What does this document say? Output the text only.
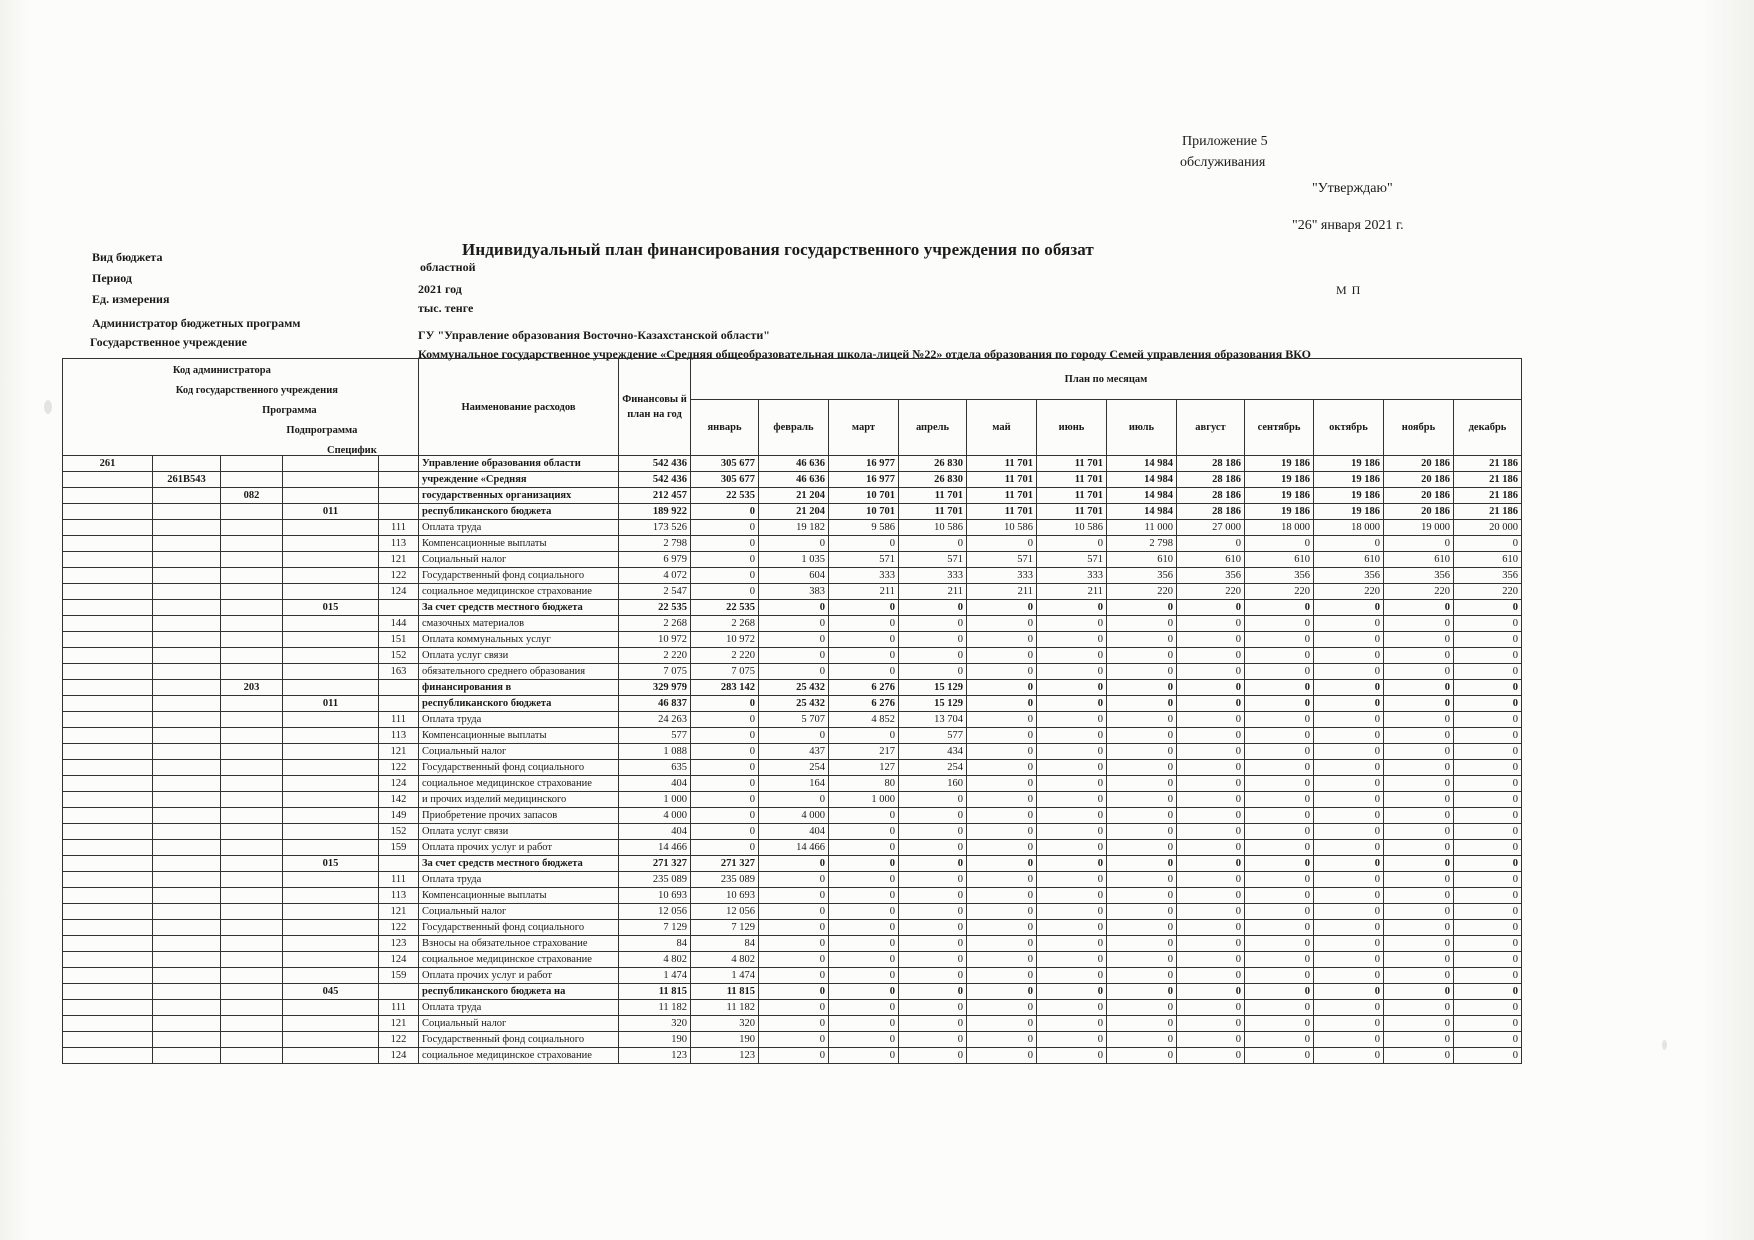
Приложение 5
обслуживания
"Утверждаю"
"26" января 2021 г.
М П
Индивидуальный план финансирования государственного учреждения по обязат
Вид бюджета
Период
Ед. измерения
Администратор бюджетных программ
Государственное учреждение
областной
2021 год
тыс. тенге
ГУ "Управление образования Восточно-Казахстанской области"
Коммунальное государственное учреждение «Средняя общеобразовательная школа-лицей №22» отдела образования по городу Семей управления образования ВКО
Код администратора
Код государственного учреждения
Программа
Подпрограмма
Специфик					Наименование расходов	Финансовы й план на год	План по месяцам											
							январь	февраль	март	апрель	май	июнь	июль	август	сентябрь	октябрь	ноябрь	декабрь
261					Управление образования области	542 436	305 677	46 636	16 977	26 830	11 701	11 701	14 984	28 186	19 186	19 186	20 186	21 186
	261B543				учреждение «Средняя	542 436	305 677	46 636	16 977	26 830	11 701	11 701	14 984	28 186	19 186	19 186	20 186	21 186
		082			государственных организациях	212 457	22 535	21 204	10 701	11 701	11 701	11 701	14 984	28 186	19 186	19 186	20 186	21 186
			011		республиканского бюджета	189 922	0	21 204	10 701	11 701	11 701	11 701	14 984	28 186	19 186	19 186	20 186	21 186
				111	Оплата труда	173 526	0	19 182	9 586	10 586	10 586	10 586	11 000	27 000	18 000	18 000	19 000	20 000
				113	Компенсационные выплаты	2 798	0	0	0	0	0	0	2 798	0	0	0	0	0
				121	Социальный налог	6 979	0	1 035	571	571	571	571	610	610	610	610	610	610
				122	Государственный фонд социального	4 072	0	604	333	333	333	333	356	356	356	356	356	356
				124	социальное медицинское страхование	2 547	0	383	211	211	211	211	220	220	220	220	220	220
			015		За счет средств местного бюджета	22 535	22 535	0	0	0	0	0	0	0	0	0	0	0
				144	смазочных материалов	2 268	2 268	0	0	0	0	0	0	0	0	0	0	0
				151	Оплата коммунальных услуг	10 972	10 972	0	0	0	0	0	0	0	0	0	0	0
				152	Оплата услуг связи	2 220	2 220	0	0	0	0	0	0	0	0	0	0	0
				163	обязательного среднего образования	7 075	7 075	0	0	0	0	0	0	0	0	0	0	0
		203			финансирования в	329 979	283 142	25 432	6 276	15 129	0	0	0	0	0	0	0	0
			011		республиканского бюджета	46 837	0	25 432	6 276	15 129	0	0	0	0	0	0	0	0
				111	Оплата труда	24 263	0	5 707	4 852	13 704	0	0	0	0	0	0	0	0
				113	Компенсационные выплаты	577	0	0	0	577	0	0	0	0	0	0	0	0
				121	Социальный налог	1 088	0	437	217	434	0	0	0	0	0	0	0	0
				122	Государственный фонд социального	635	0	254	127	254	0	0	0	0	0	0	0	0
				124	социальное медицинское страхование	404	0	164	80	160	0	0	0	0	0	0	0	0
				142	и прочих изделий медицинского	1 000	0	0	1 000	0	0	0	0	0	0	0	0	0
				149	Приобретение прочих запасов	4 000	0	4 000	0	0	0	0	0	0	0	0	0	0
				152	Оплата услуг связи	404	0	404	0	0	0	0	0	0	0	0	0	0
				159	Оплата прочих услуг и работ	14 466	0	14 466	0	0	0	0	0	0	0	0	0	0
			015		За счет средств местного бюджета	271 327	271 327	0	0	0	0	0	0	0	0	0	0	0
				111	Оплата труда	235 089	235 089	0	0	0	0	0	0	0	0	0	0	0
				113	Компенсационные выплаты	10 693	10 693	0	0	0	0	0	0	0	0	0	0	0
				121	Социальный налог	12 056	12 056	0	0	0	0	0	0	0	0	0	0	0
				122	Государственный фонд социального	7 129	7 129	0	0	0	0	0	0	0	0	0	0	0
				123	Взносы на обязательное страхование	84	84	0	0	0	0	0	0	0	0	0	0	0
				124	социальное медицинское страхование	4 802	4 802	0	0	0	0	0	0	0	0	0	0	0
				159	Оплата прочих услуг и работ	1 474	1 474	0	0	0	0	0	0	0	0	0	0	0
			045		республиканского бюджета на	11 815	11 815	0	0	0	0	0	0	0	0	0	0	0
				111	Оплата труда	11 182	11 182	0	0	0	0	0	0	0	0	0	0	0
				121	Социальный налог	320	320	0	0	0	0	0	0	0	0	0	0	0
				122	Государственный фонд социального	190	190	0	0	0	0	0	0	0	0	0	0	0
				124	социальное медицинское страхование	123	123	0	0	0	0	0	0	0	0	0	0	0
